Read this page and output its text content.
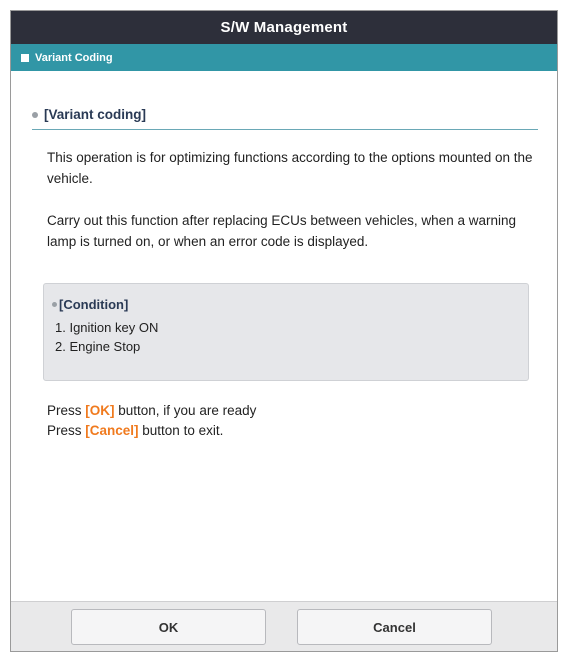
S/W Management
Variant Coding
[Variant coding]

This operation is for optimizing functions according to the options mounted on the vehicle.

Carry out this function after replacing ECUs between vehicles, when a warning lamp is turned on, or when an error code is displayed.

[Condition]
1. Ignition key ON
2. Engine Stop
Press [OK] button, if you are ready
Press [Cancel] button to exit.
OK	Cancel
